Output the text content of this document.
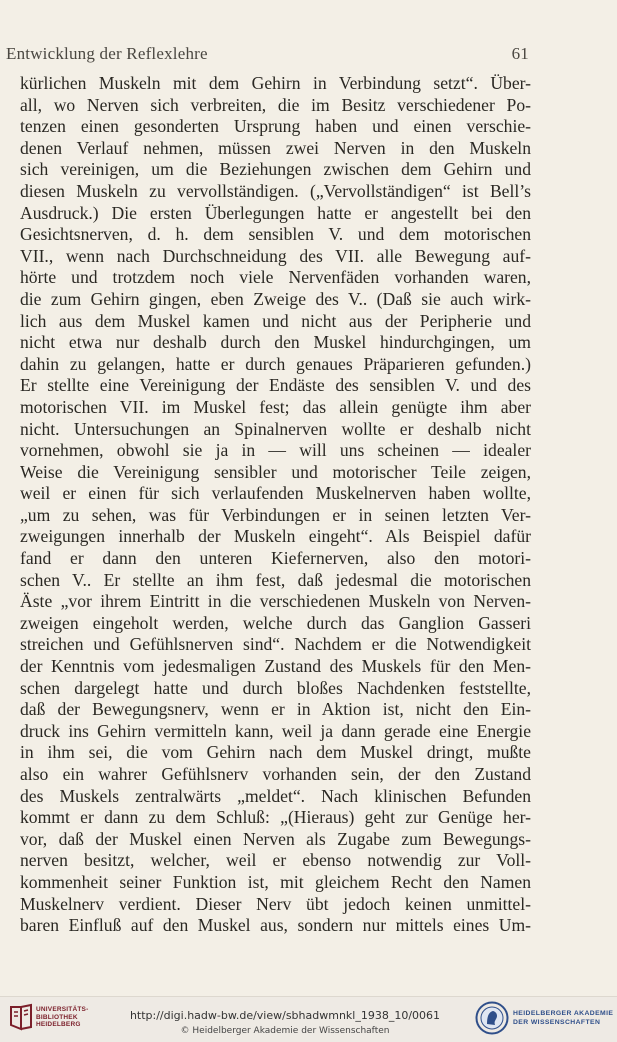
Entwicklung der Reflexlehre	61
kürlichen Muskeln mit dem Gehirn in Verbindung setzt“. Über-
all, wo Nerven sich verbreiten, die im Besitz verschiedener Po-
tenzen einen gesonderten Ursprung haben und einen verschie-
denen Verlauf nehmen, müssen zwei Nerven in den Muskeln
sich vereinigen, um die Beziehungen zwischen dem Gehirn und
diesen Muskeln zu vervollständigen. („Vervollständigen“ ist Bell’s
Ausdruck.) Die ersten Überlegungen hatte er angestellt bei den
Gesichtsnerven, d. h. dem sensiblen V. und dem motorischen
VII., wenn nach Durchschneidung des VII. alle Bewegung auf-
hörte und trotzdem noch viele Nervenfäden vorhanden waren,
die zum Gehirn gingen, eben Zweige des V.. (Daß sie auch wirk-
lich aus dem Muskel kamen und nicht aus der Peripherie und
nicht etwa nur deshalb durch den Muskel hindurchgingen, um
dahin zu gelangen, hatte er durch genaues Präparieren gefunden.)
Er stellte eine Vereinigung der Endäste des sensiblen V. und des
motorischen VII. im Muskel fest; das allein genügte ihm aber
nicht. Untersuchungen an Spinalnerven wollte er deshalb nicht
vornehmen, obwohl sie ja in — will uns scheinen — idealer
Weise die Vereinigung sensibler und motorischer Teile zeigen,
weil er einen für sich verlaufenden Muskelnerven haben wollte,
„um zu sehen, was für Verbindungen er in seinen letzten Ver-
zweigungen innerhalb der Muskeln eingeht“. Als Beispiel dafür
fand er dann den unteren Kiefernerven, also den motori-
schen V.. Er stellte an ihm fest, daß jedesmal die motorischen
Äste „vor ihrem Eintritt in die verschiedenen Muskeln von Nerven-
zweigen eingeholt werden, welche durch das Ganglion Gasseri
streichen und Gefühlsnerven sind“. Nachdem er die Notwendigkeit
der Kenntnis vom jedesmaligen Zustand des Muskels für den Men-
schen dargelegt hatte und durch bloßes Nachdenken feststellte,
daß der Bewegungsnerv, wenn er in Aktion ist, nicht den Ein-
druck ins Gehirn vermitteln kann, weil ja dann gerade eine Energie
in ihm sei, die vom Gehirn nach dem Muskel dringt, mußte
also ein wahrer Gefühlsnerv vorhanden sein, der den Zustand
des Muskels zentralwärts „meldet“. Nach klinischen Befunden
kommt er dann zu dem Schluß: „(Hieraus) geht zur Genüge her-
vor, daß der Muskel einen Nerven als Zugabe zum Bewegungs-
nerven besitzt, welcher, weil er ebenso notwendig zur Voll-
kommenheit seiner Funktion ist, mit gleichem Recht den Namen
Muskelnerv verdient. Dieser Nerv übt jedoch keinen unmittel-
baren Einfluß auf den Muskel aus, sondern nur mittels eines Um-
UNIVERSITÄTS-
BIBLIOTHEK
HEIDELBERG
http://digi.hadw-bw.de/view/sbhadwmnkl_1938_10/0061
© Heidelberger Akademie der Wissenschaften
HEIDELBERGER AKADEMIE
DER WISSENSCHAFTEN
